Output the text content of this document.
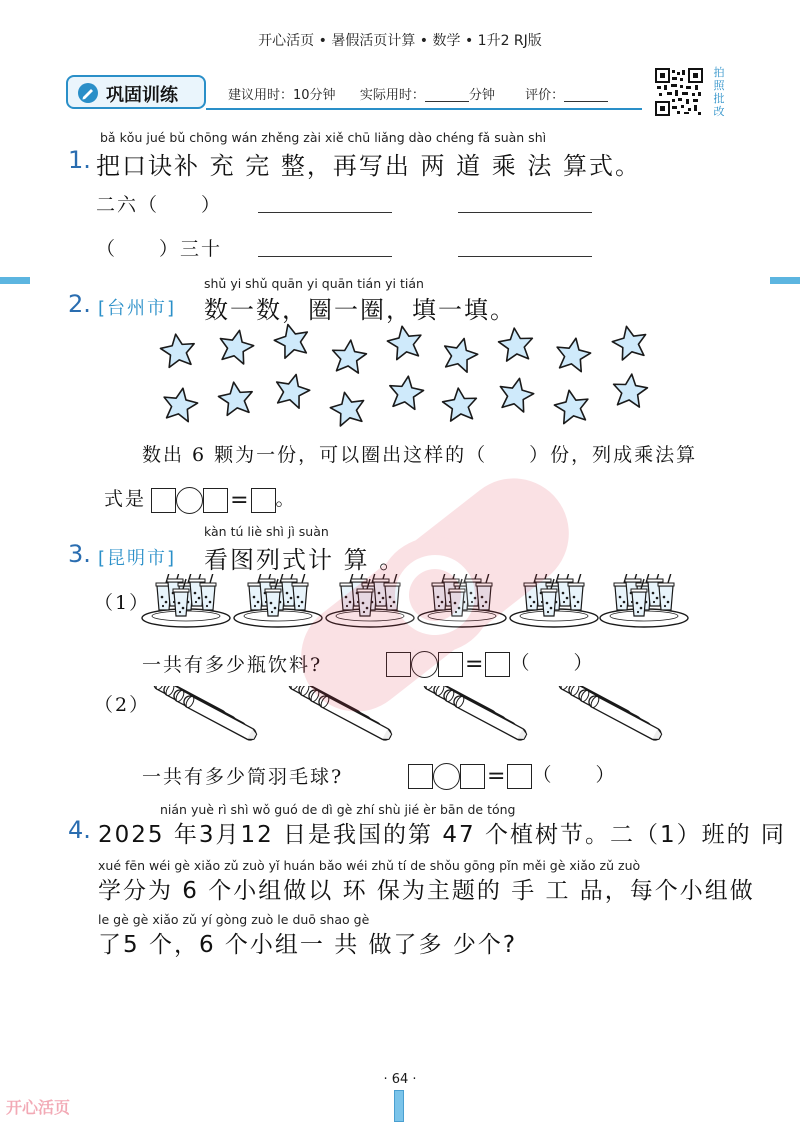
开心活页 • 暑假活页计算 • 数学 • 1升2 RJ版
巩固训练	建议用时：10分钟 实际用时：	分钟 评价：
拍
照
批
改
bǎ kǒu jué bǔ chōng wán zhěng zài xiě chū liǎng dào chéng fǎ suàn shì
1. 把口诀补 充 完 整，再写出 两 道 乘 法 算式。
二六（　　）
（　　）三十
shǔ yi shǔ quān yi quān tián yi tián
2. [台州市] 数一数，圈一圈，填一填。
数出 6 颗为一份，可以圈出这样的（　　）份，列成乘法算
式是	= 。
kàn tú liè shì jì suàn
3. [昆明市] 看图列式计 算 。
（1）
一共有多少瓶饮料?	= （　　）
（2）
一共有多少筒羽毛球?	= （　　）
nián yuè rì shì wǒ guó de dì gè zhí shù jié èr bān de tóng
4. 2025 年3月12 日是我国的第 47 个植树节。二（1）班的 同
xué fēn wéi gè xiǎo zǔ zuò yǐ huán bǎo wéi zhǔ tí de shǒu gōng pǐn měi gè xiǎo zǔ zuò
学分为 6 个小组做以 环 保为主题的 手 工 品，每个小组做
le gè gè xiǎo zǔ yí gòng zuò le duō shao gè
了5 个，6 个小组一 共 做了多 少个?
· 64 ·
开心活页
